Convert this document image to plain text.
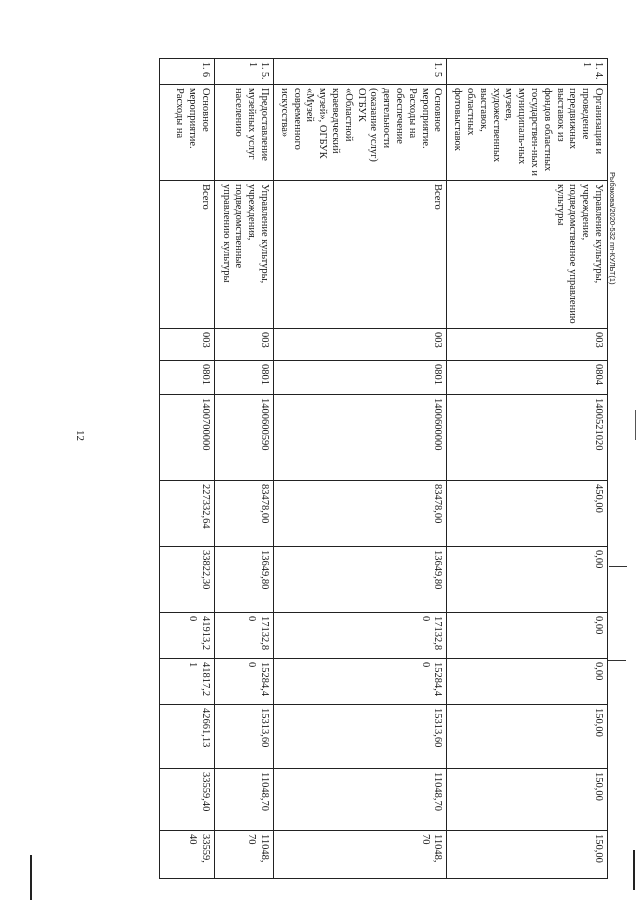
12
Рыбакова/2020-532 пп-КУЛЬТ(1)
1. 4. 1	Организация и проведение передвижных выставок из фондов областных государствен-ных и муниципаль-ных музеев, художественных выставок, областных фотовыставок	Управление культуры, учреждение, подведомственное управлению культуры	003	0804	1400521020	450,00	0,00	0,00	0,00	150,00	150,00	150,00
1. 5	Основное мероприятие. Расходы на обеспечение деятельности (оказание услуг) ОГБУК «Областной краеведческий музей», ОГБУК «Музей современного искусства»	Всего	003	0801	1400600000	83478,00	13649,80	17132,8 0	15284,4 0	15313,60	11048,70	11048, 70
1. 5. 1	Предоставление музейных услуг населению	Управление культуры, учреждения, подведомственные управлению культуры	003	0801	1400600590	83478,00	13649,80	17132,8 0	15284,4 0	15313,60	11048,70	11048, 70
1. 6	Основное мероприятие. Расходы на	Всего	003	0801	1400700000	227332,64	33822,30	41913,2 0	41817,2 1	42661,13	33559,40	33559, 40
